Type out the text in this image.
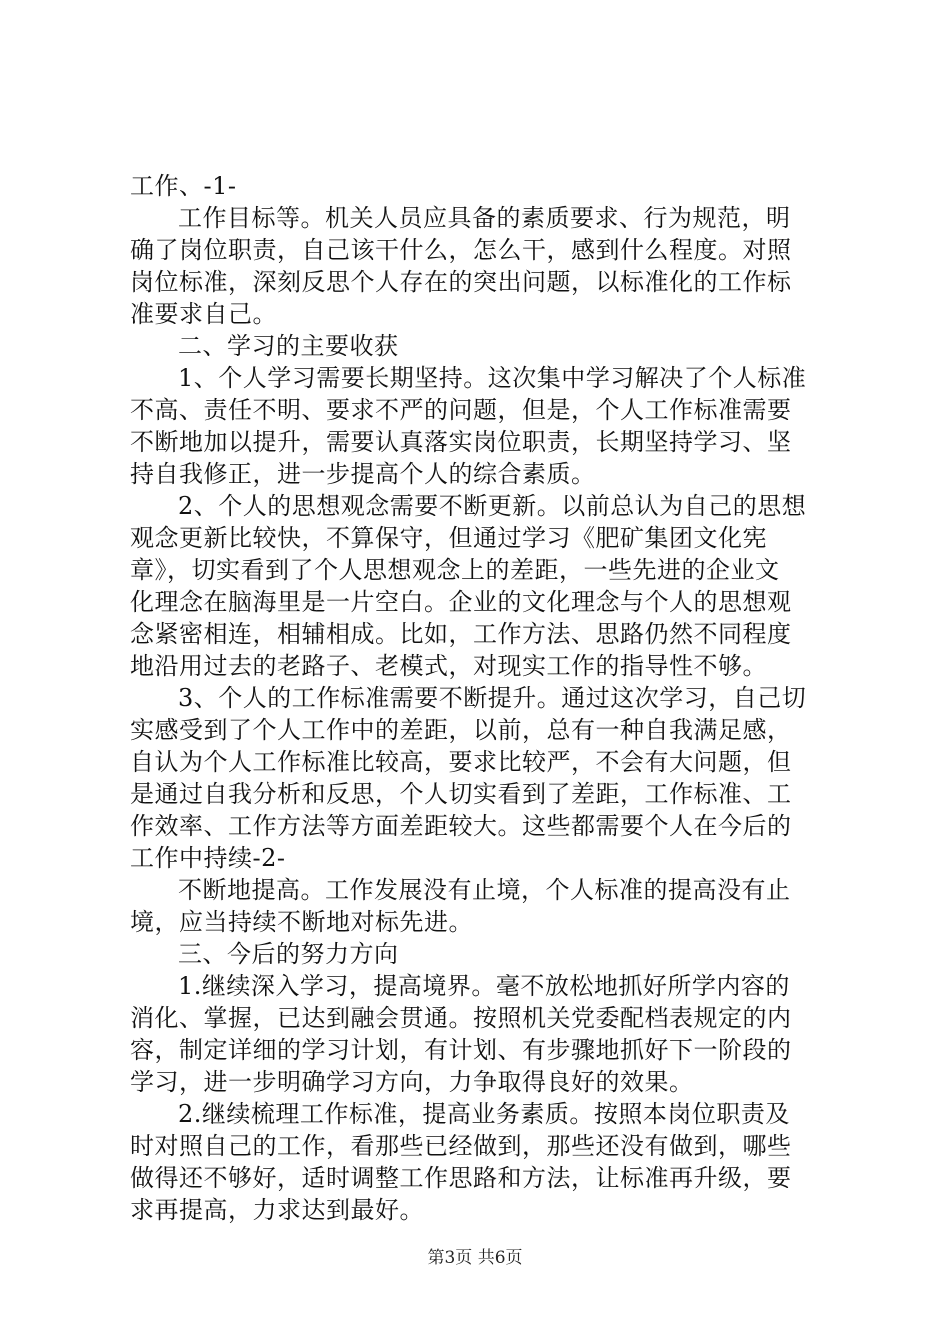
工作、-1-
工作目标等。机关人员应具备的素质要求、行为规范，明
确了岗位职责，自己该干什么，怎么干，感到什么程度。对照
岗位标准，深刻反思个人存在的突出问题，以标准化的工作标
准要求自己。
二、学习的主要收获
1、个人学习需要长期坚持。这次集中学习解决了个人标准
不高、责任不明、要求不严的问题，但是，个人工作标准需要
不断地加以提升，需要认真落实岗位职责，长期坚持学习、坚
持自我修正，进一步提高个人的综合素质。
2、个人的思想观念需要不断更新。以前总认为自己的思想
观念更新比较快，不算保守，但通过学习《肥矿集团文化宪
章》，切实看到了个人思想观念上的差距，一些先进的企业文
化理念在脑海里是一片空白。企业的文化理念与个人的思想观
念紧密相连，相辅相成。比如，工作方法、思路仍然不同程度
地沿用过去的老路子、老模式，对现实工作的指导性不够。
3、个人的工作标准需要不断提升。通过这次学习，自己切
实感受到了个人工作中的差距，以前，总有一种自我满足感，
自认为个人工作标准比较高，要求比较严，不会有大问题，但
是通过自我分析和反思，个人切实看到了差距，工作标准、工
作效率、工作方法等方面差距较大。这些都需要个人在今后的
工作中持续-2-
不断地提高。工作发展没有止境，个人标准的提高没有止
境，应当持续不断地对标先进。
三、今后的努力方向
1.继续深入学习，提高境界。毫不放松地抓好所学内容的
消化、掌握，已达到融会贯通。按照机关党委配档表规定的内
容，制定详细的学习计划，有计划、有步骤地抓好下一阶段的
学习，进一步明确学习方向，力争取得良好的效果。
2.继续梳理工作标准，提高业务素质。按照本岗位职责及
时对照自己的工作，看那些已经做到，那些还没有做到，哪些
做得还不够好，适时调整工作思路和方法，让标准再升级，要
求再提高，力求达到最好。
第3页 共6页
